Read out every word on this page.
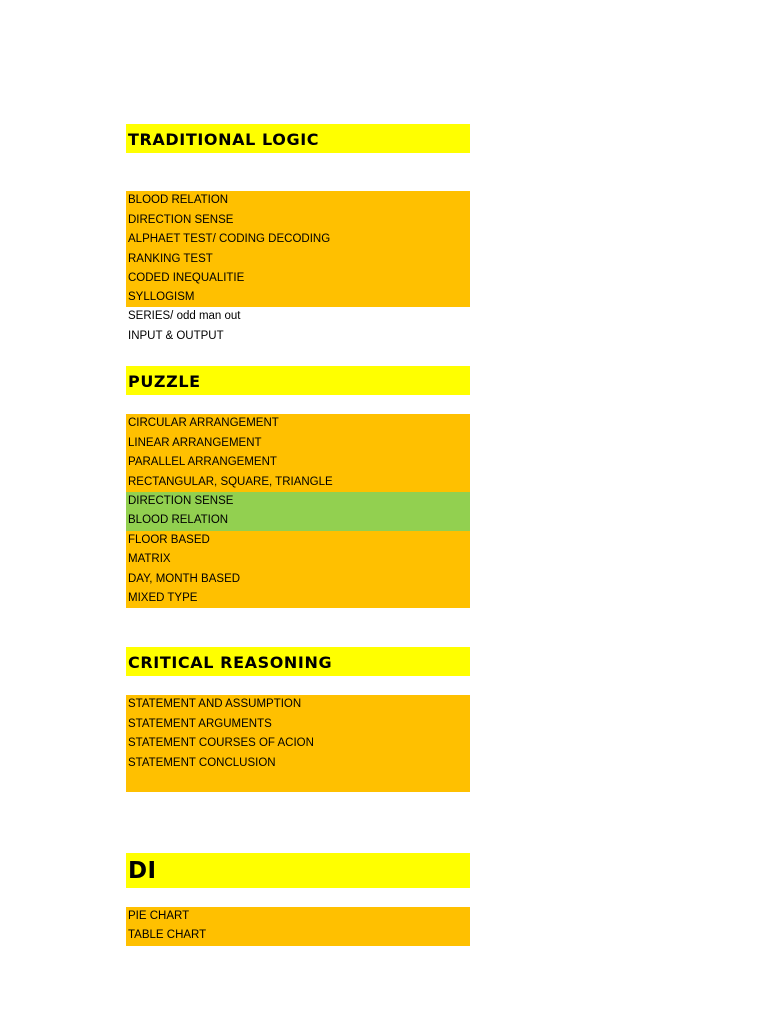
TRADITIONAL LOGIC
BLOOD RELATION
DIRECTION SENSE
ALPHAET TEST/ CODING DECODING
RANKING TEST
CODED INEQUALITIE
SYLLOGISM
SERIES/ odd man out
INPUT & OUTPUT
PUZZLE
CIRCULAR ARRANGEMENT
LINEAR ARRANGEMENT
PARALLEL ARRANGEMENT
RECTANGULAR, SQUARE, TRIANGLE
DIRECTION SENSE
BLOOD RELATION
FLOOR BASED
MATRIX
DAY, MONTH BASED
MIXED TYPE
CRITICAL REASONING
STATEMENT AND ASSUMPTION
STATEMENT ARGUMENTS
STATEMENT COURSES OF ACION
STATEMENT CONCLUSION
DI
PIE CHART
TABLE CHART
